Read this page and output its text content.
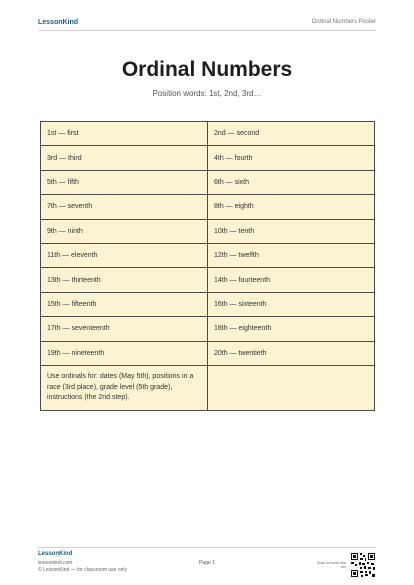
LessonKind	Ordinal Numbers Poster
Ordinal Numbers
Position words: 1st, 2nd, 3rd…
1st — first	2nd — second
3rd — third	4th — fourth
5th — fifth	6th — sixth
7th — seventh	8th — eighth
9th — ninth	10th — tenth
11th — eleventh	12th — twelfth
13th — thirteenth	14th — fourteenth
15th — fifteenth	16th — sixteenth
17th — seventeenth	18th — eighteenth
19th — nineteenth	20th — twentieth
Use ordinals for: dates (May 5th), positions in a race (3rd place), grade level (5th grade), instructions (the 2nd step).	
LessonKind
lessonkind.com
© LessonKind — for classroom use only
Page 1	Scan for more free res
